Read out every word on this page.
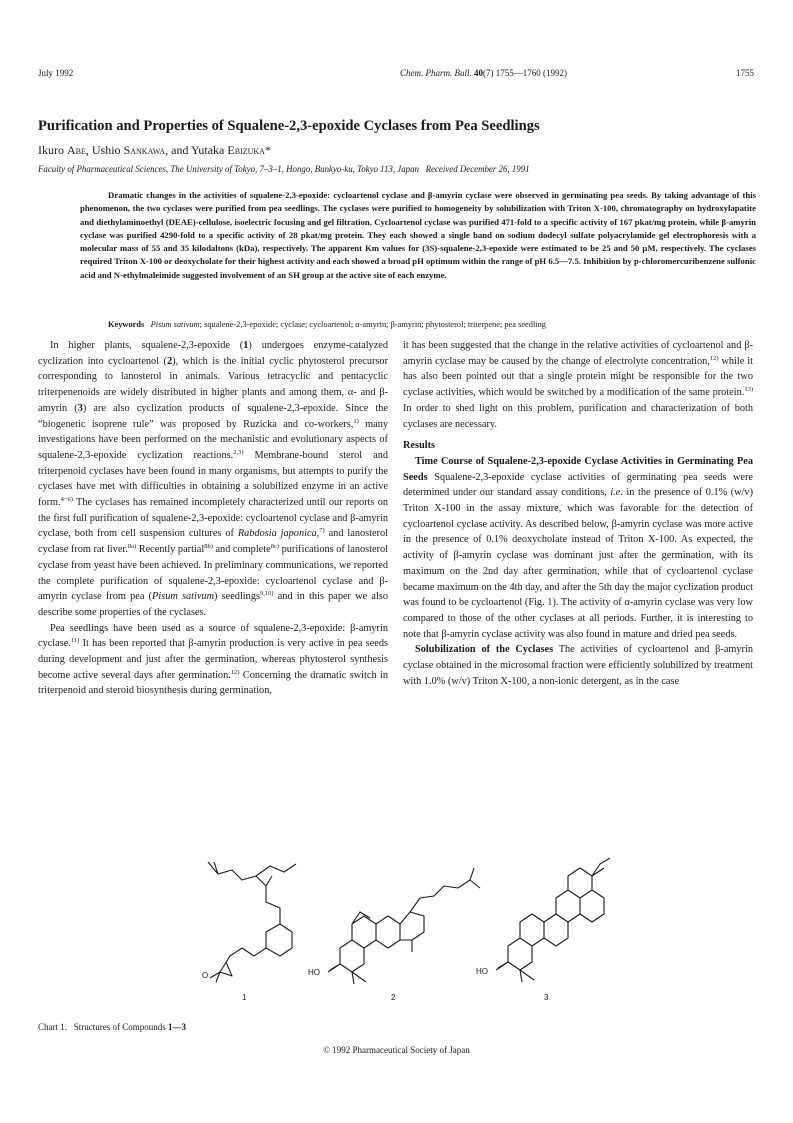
July 1992	Chem. Pharm. Bull. 40(7) 1755—1760 (1992)	1755
Purification and Properties of Squalene-2,3-epoxide Cyclases from Pea Seedlings
Ikuro Abe, Ushio Sankawa, and Yutaka Ebizuka*
Faculty of Pharmaceutical Sciences, The University of Tokyo, 7–3–1, Hongo, Bunkyo-ku, Tokyo 113, Japan Received December 26, 1991

Dramatic changes in the activities of squalene-2,3-epoxide: cycloartenol cyclase and β-amyrin cyclase were observed in germinating pea seeds. By taking advantage of this phenomenon, the two cyclases were purified from pea seedlings. The cyclases were purified to homogeneity by solubilization with Triton X-100, chromatography on hydroxylapatite and diethylaminoethyl (DEAE)-cellulose, isoelectric focusing and gel filtration. Cycloartenol cyclase was purified 471-fold to a specific activity of 167 pkat/mg protein, while β-amyrin cyclase was purified 4290-fold to a specific activity of 28 pkat/mg protein. They each showed a single band on sodium dodecyl sulfate polyacrylamide gel electrophoresis with a molecular mass of 55 and 35 kilodaltons (kDa), respectively. The apparent Km values for (3S)-squalene-2,3-epoxide were estimated to be 25 and 50 μM, respectively. The cyclases required Triton X-100 or deoxycholate for their highest activity and each showed a broad pH optimum within the range of pH 6.5—7.5. Inhibition by p-chloromercuribenzene sulfonic acid and N-ethylmaleimide suggested involvement of an SH group at the active site of each enzyme.

Keywords Pisum sativum; squalene-2,3-epoxide; cyclase; cycloartenol; α-amyrin; β-amyrin; phytosterol; triterpene; pea seedling

In higher plants, squalene-2,3-epoxide (1) undergoes enzyme-catalyzed cyclization into cycloartenol (2), which is the initial cyclic phytosterol precursor corresponding to lanosterol in animals. Various tetracyclic and pentacyclic triterpenenoids are widely distributed in higher plants and among them, α- and β-amyrin (3) are also cyclization products of squalene-2,3-epoxide. Since the “biogenetic isoprene rule” was proposed by Ruzicka and co-workers,$^{1)}$ many investigations have been performed on the mechanistic and evolutionary aspects of squalene-2,3-epoxide cyclization reactions.$^{2,3)}$ Membrane-bound sterol and triterpenoid cyclases have been found in many organisms, but attempts to purify the cyclases have met with difficulties in obtaining a solubilized enzyme in an active form.$^{4-6)}$ The cyclases has remained incompletely characterized until our reports on the first full purification of squalene-2,3-epoxide: cycloartenol cyclase and β-amyrin cyclase, both from cell suspension cultures of Rabdosia japonica,$^{7)}$ and lanosterol cyclase from rat liver.$^{8a)}$ Recently partial$^{8b)}$ and complete$^{8c)}$ purifications of lanosterol cyclase from yeast have been achieved. In preliminary communications, we reported the complete purification of squalene-2,3-epoxide: cycloartenol cyclase and β-amyrin cyclase from pea (Pisum sativum) seedlings$^{9,10)}$ and in this paper we also describe some properties of the cyclases.

Pea seedlings have been used as a source of squalene-2,3-epoxide: β-amyrin cyclase.$^{11)}$ It has been reported that β-amyrin production is very active in pea seeds during development and just after the germination, whereas phytosterol synthesis become active several days after germination.$^{12)}$ Concerning the dramatic switch in triterpenoid and steroid biosynthesis during germination,

it has been suggested that the change in the relative activities of cycloartenol and β-amyrin cyclase may be caused by the change of electrolyte concentration,$^{12)}$ while it has also been pointed out that a single protein might be responsible for the two cyclase activities, which would be switched by a modification of the same protein.$^{13)}$ In order to shed light on this problem, purification and characterization of both cyclases are necessary.

Results

Time Course of Squalene-2,3-epoxide Cyclase Activities in Germinating Pea Seeds Squalene-2,3-epoxide cyclase activities of germinating pea seeds were determined under our standard assay conditions, i.e. in the presence of 0.1% (w/v) Triton X-100 in the assay mixture, which was favorable for the detection of cycloartenol cyclase activity. As described below, β-amyrin cyclase was more active in the presence of 0.1% deoxycholate instead of Triton X-100. As expected, the activity of β-amyrin cyclase was dominant just after the germination, with its maximum on the 2nd day after germination, while that of cycloartenol cyclase became maximum on the 4th day, and after the 5th day the major cyclization product was found to be cycloartenol (Fig. 1). The activity of α-amyrin cyclase was very low compared to those of the other cyclases at all periods. Further, it is interesting to note that β-amyrin cyclase activity was also found in mature and dried pea seeds.

Solubilization of the Cyclases The activities of cycloartenol and β-amyrin cyclase obtained in the microsomal fraction were efficiently solubilized by treatment with 1.0% (w/v) Triton X-100, a non-ionic detergent, as in the case

O	HO	HO
1	2	3
Chart 1. Structures of Compounds 1—3
© 1992 Pharmaceutical Society of Japan
